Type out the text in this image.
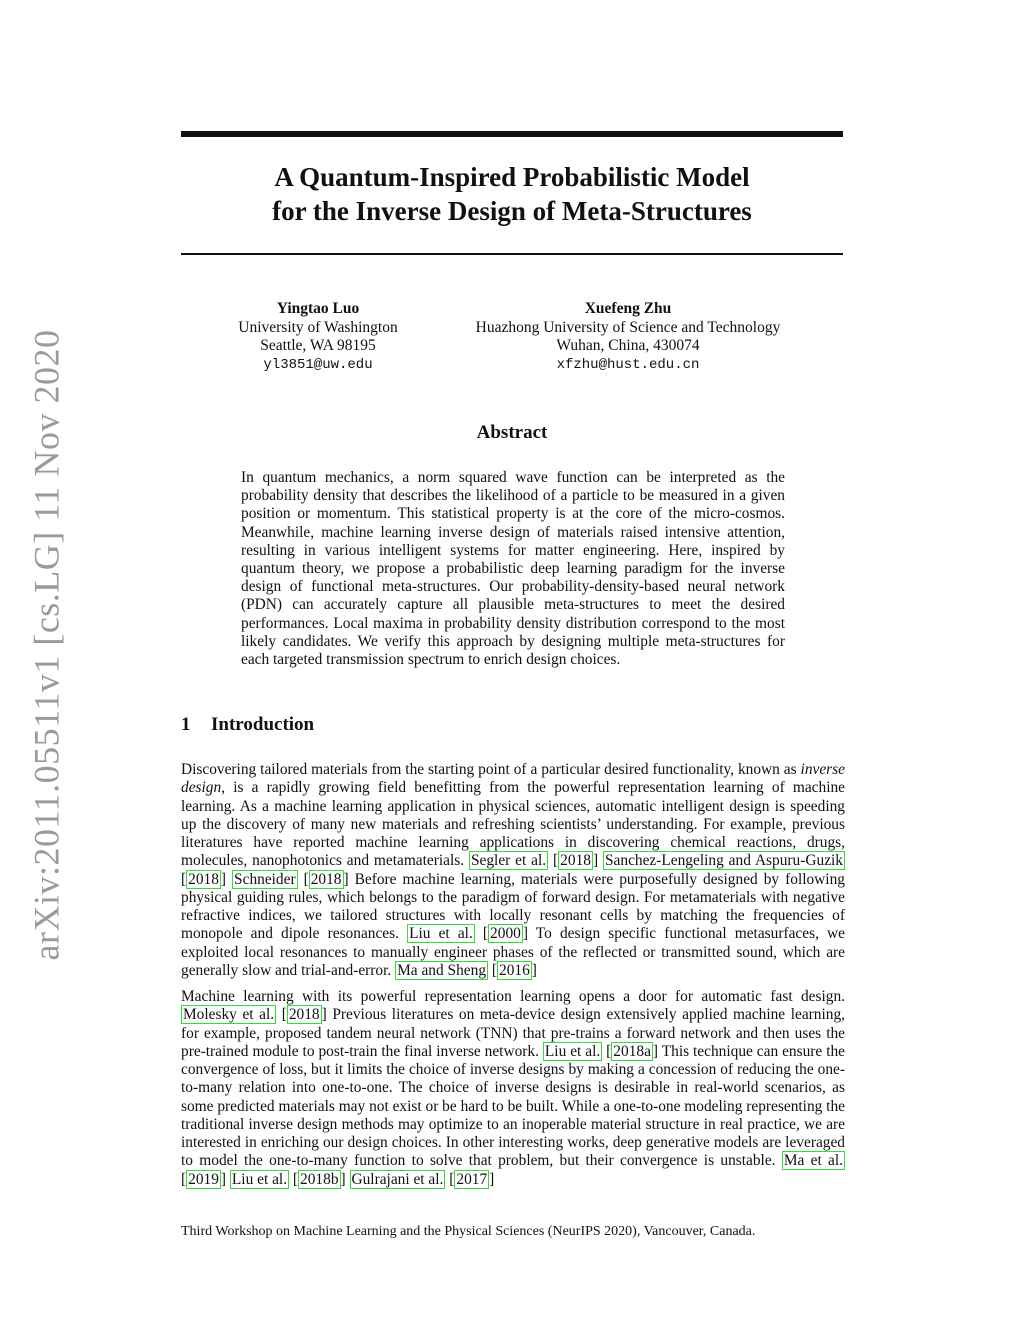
arXiv:2011.05511v1 [cs.LG] 11 Nov 2020
A Quantum-Inspired Probabilistic Model
for the Inverse Design of Meta-Structures
Yingtao Luo
University of Washington
Seattle, WA 98195
yl3851@uw.edu
Xuefeng Zhu
Huazhong University of Science and Technology
Wuhan, China, 430074
xfzhu@hust.edu.cn
Abstract
In quantum mechanics, a norm squared wave function can be interpreted as the probability density that describes the likelihood of a particle to be measured in a given position or momentum. This statistical property is at the core of the micro-cosmos. Meanwhile, machine learning inverse design of materials raised intensive attention, resulting in various intelligent systems for matter engineering. Here, inspired by quantum theory, we propose a probabilistic deep learning paradigm for the inverse design of functional meta-structures. Our probability-density-based neural network (PDN) can accurately capture all plausible meta-structures to meet the desired performances. Local maxima in probability density distribution correspond to the most likely candidates. We verify this approach by designing multiple meta-structures for each targeted transmission spectrum to enrich design choices.
1 Introduction

Discovering tailored materials from the starting point of a particular desired functionality, known as inverse design, is a rapidly growing field benefitting from the powerful representation learning of machine learning. As a machine learning application in physical sciences, automatic intelligent design is speeding up the discovery of many new materials and refreshing scientists’ understanding. For example, previous literatures have reported machine learning applications in discovering chemical reactions, drugs, molecules, nanophotonics and metamaterials. Segler et al. [ 2018 ] Sanchez-Lengeling and Aspuru-Guzik [ 2018 ] Schneider [ 2018 ] Before machine learning, materials were purposefully designed by following physical guiding rules, which belongs to the paradigm of forward design. For metamaterials with negative refractive indices, we tailored structures with locally resonant cells by matching the frequencies of monopole and dipole resonances. Liu et al. [ 2000 ] To design specific functional metasurfaces, we exploited local resonances to manually engineer phases of the reflected or transmitted sound, which are generally slow and trial-and-error. Ma and Sheng [ 2016 ]

Machine learning with its powerful representation learning opens a door for automatic fast design. Molesky et al. [ 2018 ] Previous literatures on meta-device design extensively applied machine learning, for example, proposed tandem neural network (TNN) that pre-trains a forward network and then uses the pre-trained module to post-train the final inverse network. Liu et al. [ 2018a ] This technique can ensure the convergence of loss, but it limits the choice of inverse designs by making a concession of reducing the one-to-many relation into one-to-one. The choice of inverse designs is desirable in real-world scenarios, as some predicted materials may not exist or be hard to be built. While a one-to-one modeling representing the traditional inverse design methods may optimize to an inoperable material structure in real practice, we are interested in enriching our design choices. In other interesting works, deep generative models are leveraged to model the one-to-many function to solve that problem, but their convergence is unstable. Ma et al. [ 2019 ] Liu et al. [ 2018b ] Gulrajani et al. [ 2017 ]

Third Workshop on Machine Learning and the Physical Sciences (NeurIPS 2020), Vancouver, Canada.
